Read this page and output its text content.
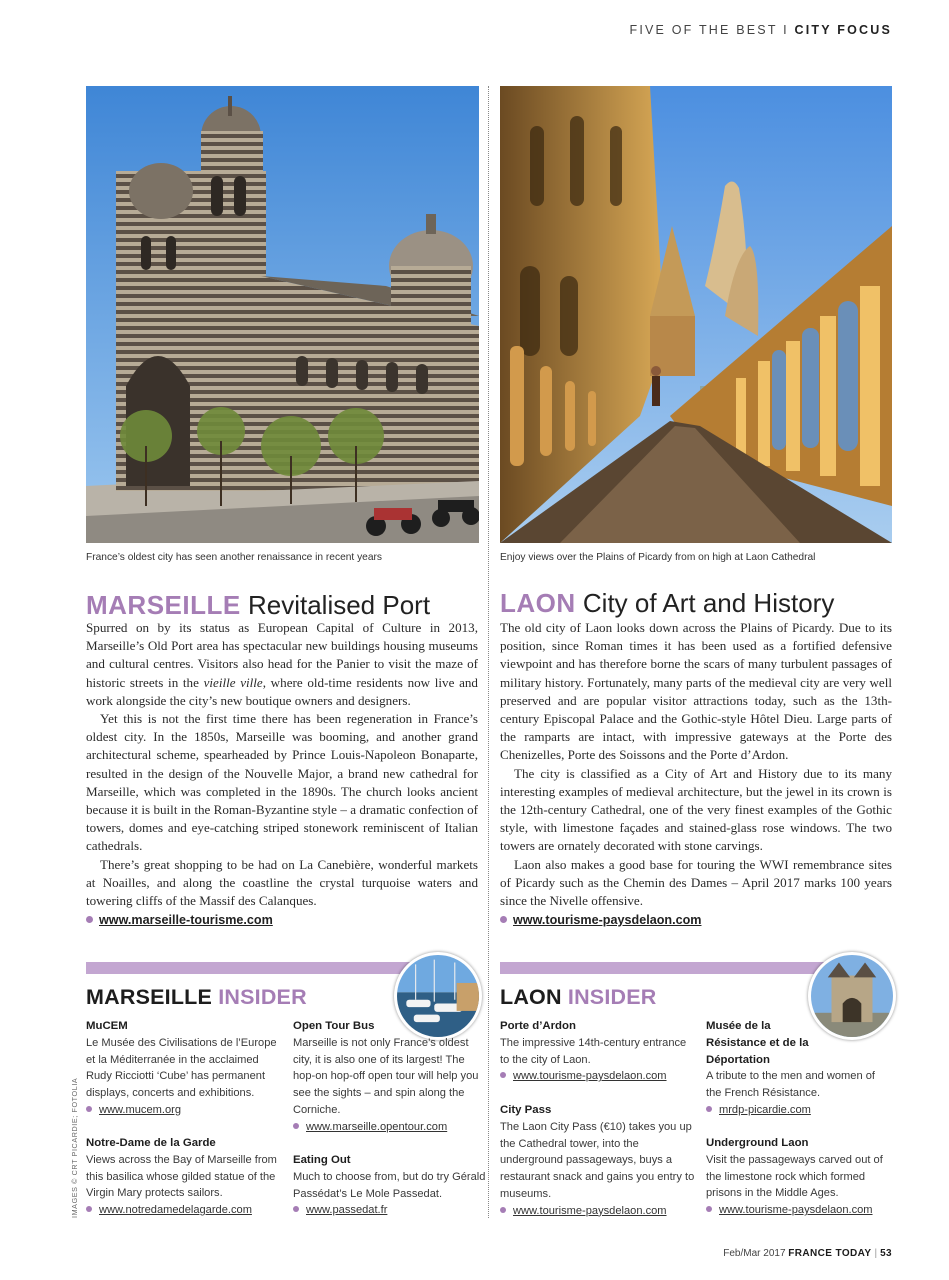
FIVE OF THE BEST I CITY FOCUS
France’s oldest city has seen another renaissance in recent years	Enjoy views over the Plains of Picardy from on high at Laon Cathedral
MARSEILLE Revitalised Port

Spurred on by its status as European Capital of Culture in 2013, Marseille’s Old Port area has spectacular new buildings housing museums and cultural centres. Visitors also head for the Panier to visit the maze of historic streets in the vieille ville, where old-time residents now live and work alongside the city’s new boutique owners and designers.

Yet this is not the first time there has been regeneration in France’s oldest city. In the 1850s, Marseille was booming, and another grand architectural scheme, spearheaded by Prince Louis-Napoleon Bonaparte, resulted in the design of the Nouvelle Major, a brand new cathedral for Marseille, which was completed in the 1890s. The church looks ancient because it is built in the Roman-Byzantine style – a dramatic confection of towers, domes and eye-catching striped stonework reminiscent of Italian cathedrals.

There’s great shopping to be had on La Canebière, wonderful markets at Noailles, and along the coastline the crystal turquoise waters and towering cliffs of the Massif des Calanques.

www.marseille-tourisme.com
LAON City of Art and History

The old city of Laon looks down across the Plains of Picardy. Due to its position, since Roman times it has been used as a fortified defensive viewpoint and has therefore borne the scars of many turbulent passages of military history. Fortunately, many parts of the medieval city are very well preserved and are popular visitor attractions today, such as the 13th-century Episcopal Palace and the Gothic-style Hôtel Dieu. Large parts of the ramparts are intact, with impressive gateways at the Porte des Chenizelles, Porte des Soissons and the Porte d’Ardon.

The city is classified as a City of Art and History due to its many interesting examples of medieval architecture, but the jewel in its crown is the 12th-century Cathedral, one of the very finest examples of the Gothic style, with limestone façades and stained-glass rose windows. The two towers are ornately decorated with stone carvings.

Laon also makes a good base for touring the WWI remembrance sites of Picardy such as the Chemin des Dames – April 2017 marks 100 years since the Nivelle offensive.

www.tourisme-paysdelaon.com
MARSEILLE INSIDER	LAON INSIDER
MuCEM
Le Musée des Civilisations de l’Europe et la Méditerranée in the acclaimed Rudy Ricciotti ‘Cube’ has permanent displays, concerts and exhibitions.
www.mucem.org
Notre-Dame de la Garde
Views across the Bay of Marseille from this basilica whose gilded statue of the Virgin Mary protects sailors.
www.notredamedelagarde.com
Open Tour Bus
Marseille is not only France’s oldest city, it is also one of its largest! The hop-on hop-off open tour will help you see the sights – and spin along the Corniche.
www.marseille.opentour.com
Eating Out
Much to choose from, but do try Gérald Passédat’s Le Mole Passedat.
www.passedat.fr
Porte d’Ardon
The impressive 14th-century entrance to the city of Laon.
www.tourisme-paysdelaon.com
City Pass
The Laon City Pass (€10) takes you up the Cathedral tower, into the underground passageways, buys a restaurant snack and gains you entry to museums.
www.tourisme-paysdelaon.com
Musée de la Résistance et de la Déportation
A tribute to the men and women of the French Résistance.
mrdp-picardie.com
Underground Laon
Visit the passageways carved out of the limestone rock which formed prisons in the Middle Ages.
www.tourisme-paysdelaon.com
IMAGES © CRT PICARDIE; FOTOLIA
Feb/Mar 2017 FRANCE TODAY | 53
